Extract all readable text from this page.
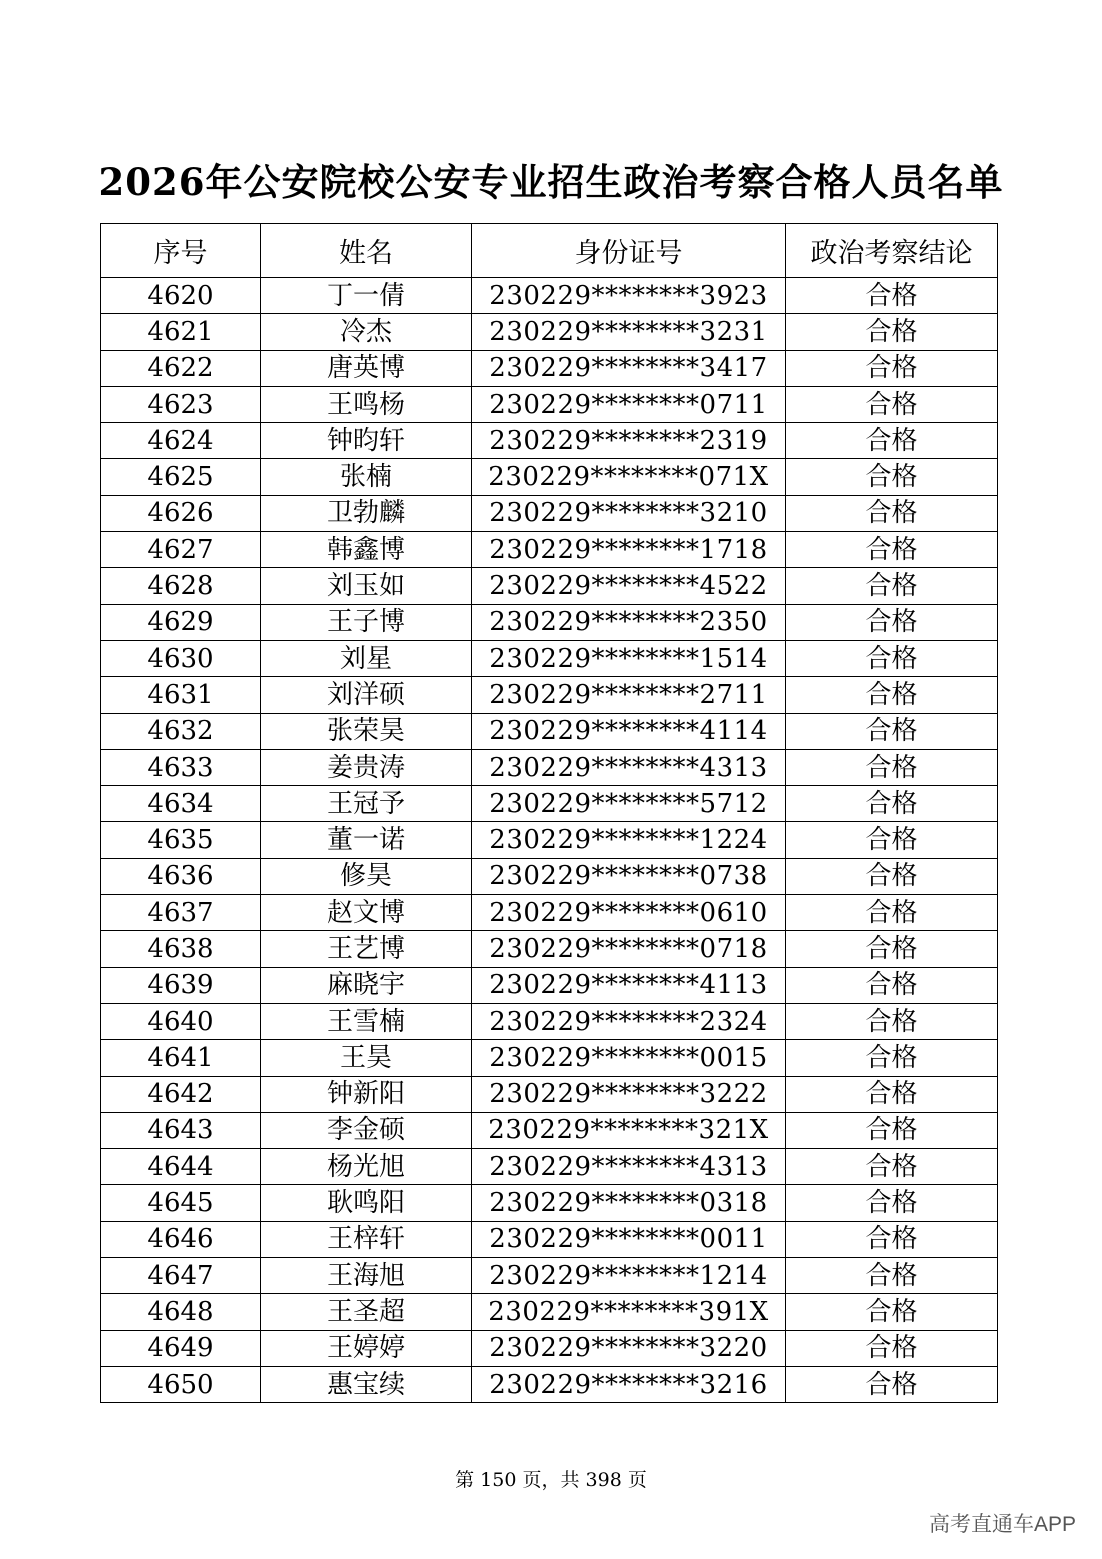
2026年公安院校公安专业招生政治考察合格人员名单
序号	姓名	身份证号	政治考察结论
4620	丁一倩	230229********3923	合格
4621	冷杰	230229********3231	合格
4622	唐英博	230229********3417	合格
4623	王鸣杨	230229********0711	合格
4624	钟昀轩	230229********2319	合格
4625	张楠	230229********071X	合格
4626	卫勃麟	230229********3210	合格
4627	韩鑫博	230229********1718	合格
4628	刘玉如	230229********4522	合格
4629	王子博	230229********2350	合格
4630	刘星	230229********1514	合格
4631	刘洋硕	230229********2711	合格
4632	张荣昊	230229********4114	合格
4633	姜贵涛	230229********4313	合格
4634	王冠予	230229********5712	合格
4635	董一诺	230229********1224	合格
4636	修昊	230229********0738	合格
4637	赵文博	230229********0610	合格
4638	王艺博	230229********0718	合格
4639	麻晓宇	230229********4113	合格
4640	王雪楠	230229********2324	合格
4641	王昊	230229********0015	合格
4642	钟新阳	230229********3222	合格
4643	李金硕	230229********321X	合格
4644	杨光旭	230229********4313	合格
4645	耿鸣阳	230229********0318	合格
4646	王梓轩	230229********0011	合格
4647	王海旭	230229********1214	合格
4648	王圣超	230229********391X	合格
4649	王婷婷	230229********3220	合格
4650	惠宝续	230229********3216	合格
第 150 页，共 398 页
高考直通车APP
